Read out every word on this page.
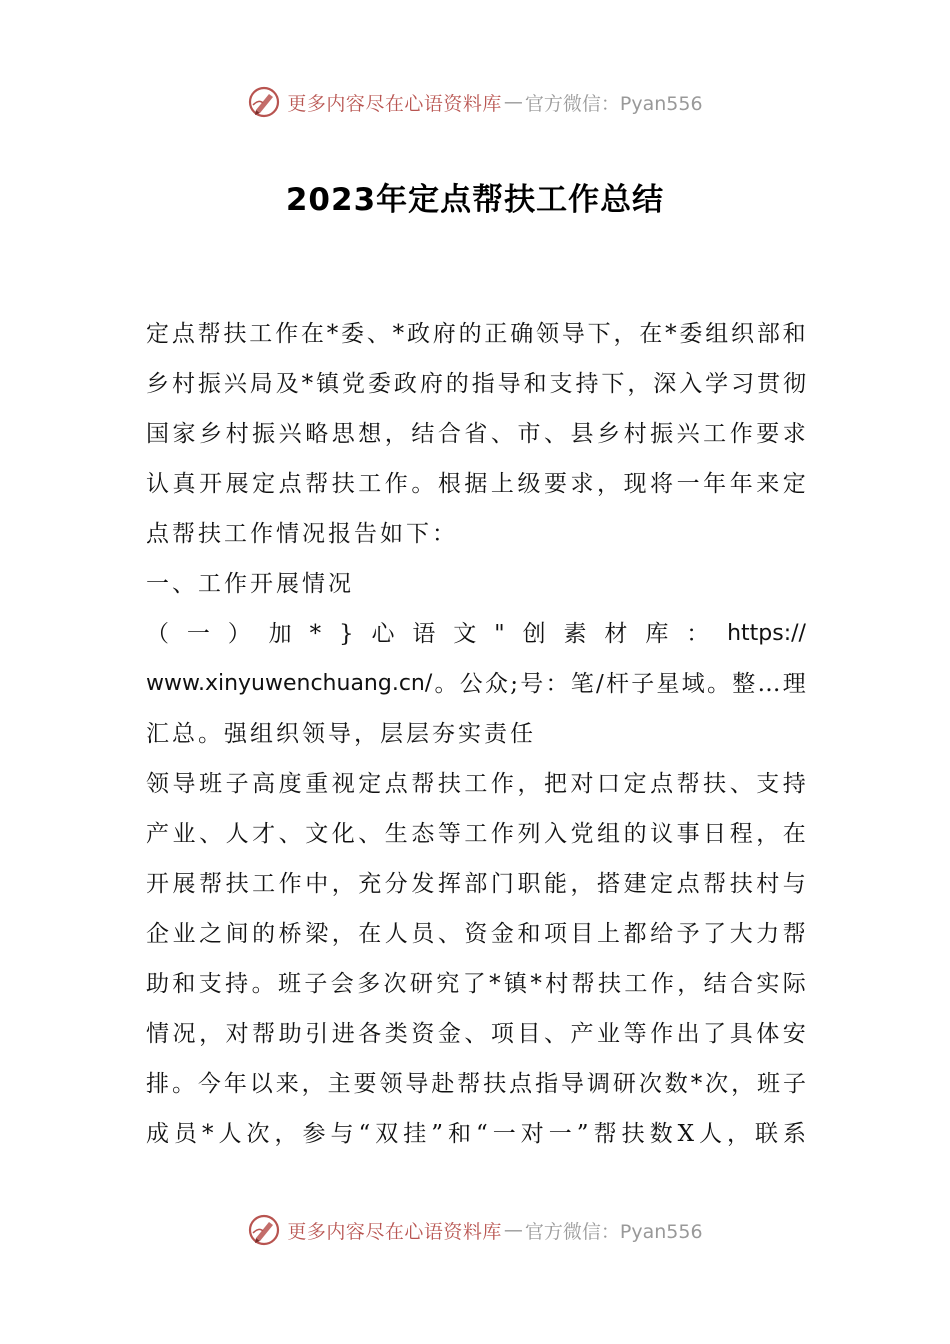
更多内容尽在心语资料库 — 官方微信：Pyan556
2023年定点帮扶工作总结
定 点 帮 扶 工 作 在 * 委 、 * 政 府 的 正 确 领 导 下 ， 在 * 委 组 织 部 和
乡 村 振 兴 局 及 * 镇 党 委 政 府 的 指 导 和 支 持 下 ， 深 入 学 习 贯 彻
国 家 乡 村 振 兴 略 思 想 ， 结 合 省 、 市 、 县 乡 村 振 兴 工 作 要 求
认 真 开 展 定 点 帮 扶 工 作 。 根 据 上 级 要 求 ， 现 将 一 年 年 来 定
点帮扶工作情况报告如下：
一、工作开展情况
（ 一 ） 加 * } 心 语 文 " 创 素 材 库 ： https://
www.xinyuwenchuang.cn/ 。 公 众 ; 号 ： 笔 / 杆 子 星 域 。 整 … 理
汇总。强组织领导，层层夯实责任
领 导 班 子 高 度 重 视 定 点 帮 扶 工 作 ， 把 对 口 定 点 帮 扶 、 支 持
产 业 、 人 才 、 文 化 、 生 态 等 工 作 列 入 党 组 的 议 事 日 程 ， 在
开 展 帮 扶 工 作 中 ， 充 分 发 挥 部 门 职 能 ， 搭 建 定 点 帮 扶 村 与
企 业 之 间 的 桥 梁 ， 在 人 员 、 资 金 和 项 目 上 都 给 予 了 大 力 帮
助 和 支 持 。 班 子 会 多 次 研 究 了 * 镇 * 村 帮 扶 工 作 ， 结 合 实 际
情 况 ， 对 帮 助 引 进 各 类 资 金 、 项 目 、 产 业 等 作 出 了 具 体 安
排 。 今 年 以 来 ， 主 要 领 导 赴 帮 扶 点 指 导 调 研 次 数 * 次 ， 班 子
成 员 * 人 次 ， 参 与 “ 双 挂 ” 和 “ 一 对 一 ” 帮 扶 数 X 人 ， 联 系
更多内容尽在心语资料库 — 官方微信：Pyan556
